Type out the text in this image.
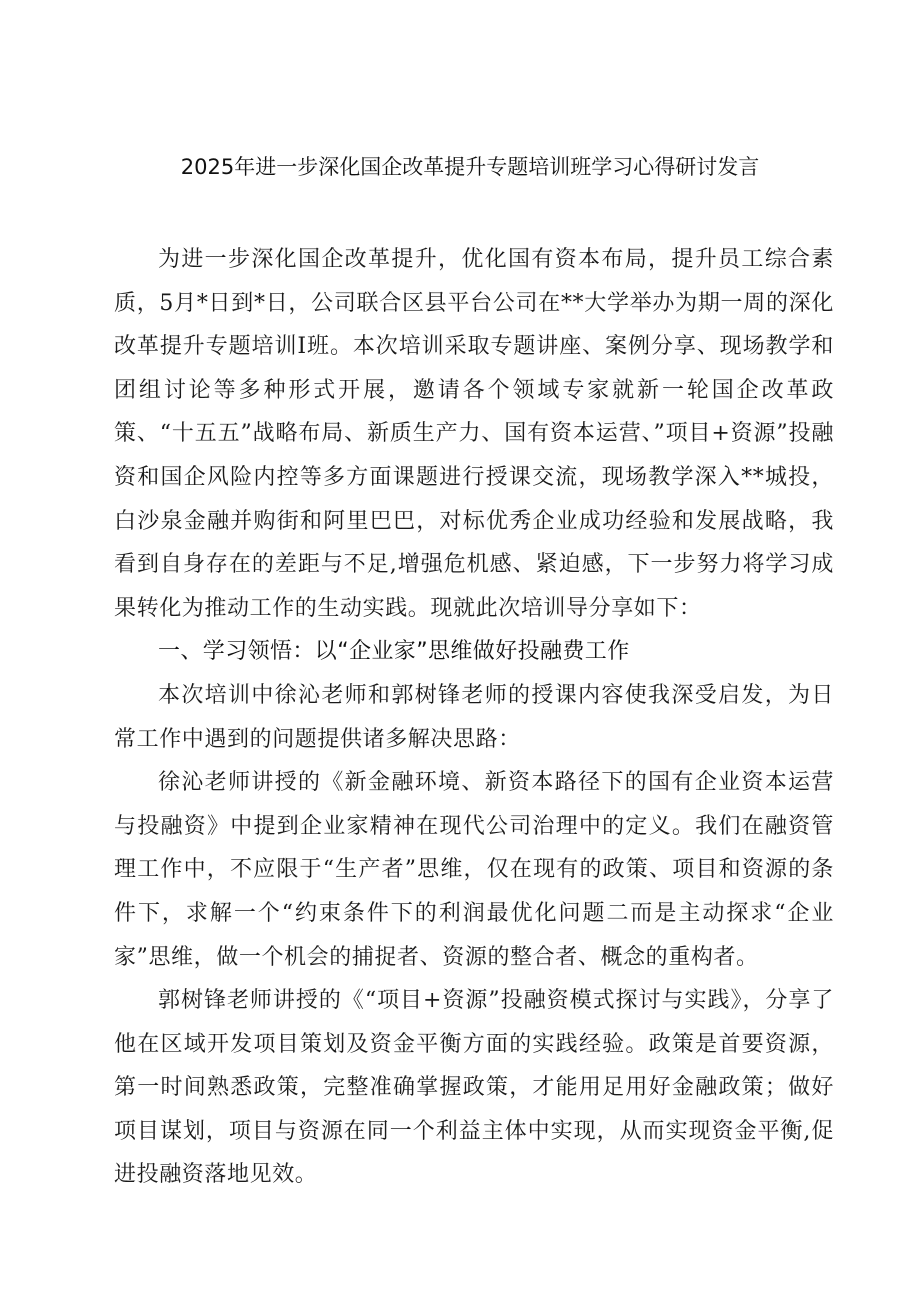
2025年进一步深化国企改革提升专题培训班学习心得研讨发言

为进一步深化国企改革提升，优化国有资本布局，提升员工综合素质，5月*日到*日，公司联合区县平台公司在**大学举办为期一周的深化改革提升专题培训I班。本次培训采取专题讲座、案例分享、现场教学和团组讨论等多种形式开展，邀请各个领域专家就新一轮国企改革政策、“十五五”战略布局、新质生产力、国有资本运营、”项目+资源”投融资和国企风险内控等多方面课题进行授课交流，现场教学深入**城投，白沙泉金融并购街和阿里巴巴，对标优秀企业成功经验和发展战略，我看到自身存在的差距与不足,增强危机感、紧迫感，下一步努力将学习成果转化为推动工作的生动实践。现就此次培训导分享如下：

一、学习领悟：以“企业家”思维做好投融费工作

本次培训中徐沁老师和郭树锋老师的授课内容使我深受启发，为日常工作中遇到的问题提供诸多解决思路：

徐沁老师讲授的《新金融环境、新资本路径下的国有企业资本运营与投融资》中提到企业家精神在现代公司治理中的定义。我们在融资管理工作中，不应限于“生产者”思维，仅在现有的政策、项目和资源的条件下，求解一个“约束条件下的利润最优化问题二而是主动探求“企业家”思维，做一个机会的捕捉者、资源的整合者、概念的重构者。

郭树锋老师讲授的《“项目+资源”投融资模式探讨与实践》，分享了他在区域开发项目策划及资金平衡方面的实践经验。政策是首要资源，第一时间熟悉政策，完整准确掌握政策，才能用足用好金融政策；做好项目谋划，项目与资源在同一个利益主体中实现，从而实现资金平衡,促进投融资落地见效。
